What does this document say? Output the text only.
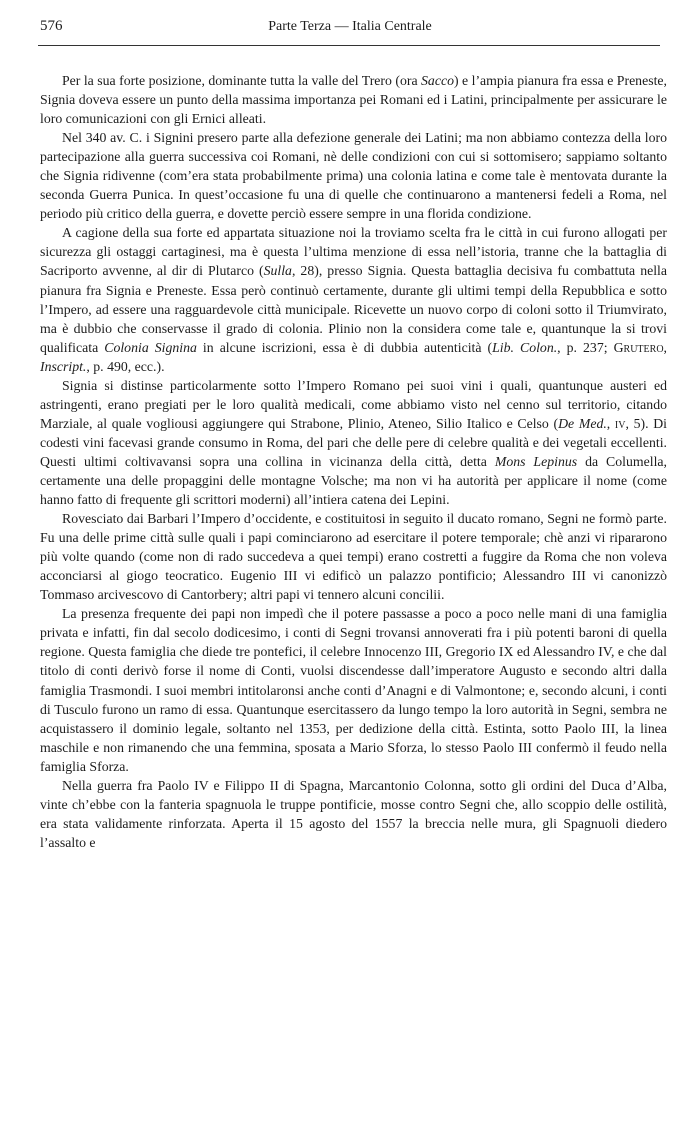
576	Parte Terza — Italia Centrale

Per la sua forte posizione, dominante tutta la valle del Trero (ora Sacco) e l’ampia pianura fra essa e Preneste, Signia doveva essere un punto della massima importanza pei Romani ed i Latini, principalmente per assicurare le loro comunicazioni con gli Ernici alleati.

Nel 340 av. C. i Signini presero parte alla defezione generale dei Latini; ma non abbiamo contezza della loro partecipazione alla guerra successiva coi Romani, nè delle condizioni con cui si sottomisero; sappiamo soltanto che Signia ridivenne (com’era stata probabilmente prima) una colonia latina e come tale è mentovata durante la seconda Guerra Punica. In quest’occasione fu una di quelle che continuarono a mantenersi fedeli a Roma, nel periodo più critico della guerra, e dovette perciò essere sempre in una florida condizione.

A cagione della sua forte ed appartata situazione noi la troviamo scelta fra le città in cui furono allogati per sicurezza gli ostaggi cartaginesi, ma è questa l’ultima menzione di essa nell’istoria, tranne che la battaglia di Sacriporto avvenne, al dir di Plutarco (Sulla, 28), presso Signia. Questa battaglia decisiva fu combattuta nella pianura fra Signia e Preneste. Essa però continuò certamente, durante gli ultimi tempi della Repubblica e sotto l’Impero, ad essere una ragguardevole città municipale. Ricevette un nuovo corpo di coloni sotto il Triumvirato, ma è dubbio che conservasse il grado di colonia. Plinio non la considera come tale e, quantunque la si trovi qualificata Colonia Signina in alcune iscrizioni, essa è di dubbia autenticità (Lib. Colon., p. 237; Grutero, Inscript., p. 490, ecc.).

Signia si distinse particolarmente sotto l’Impero Romano pei suoi vini i quali, quantunque austeri ed astringenti, erano pregiati per le loro qualità medicali, come abbiamo visto nel cenno sul territorio, citando Marziale, al quale vogliousi aggiungere qui Strabone, Plinio, Ateneo, Silio Italico e Celso (De Med., iv, 5). Di codesti vini facevasi grande consumo in Roma, del pari che delle pere di celebre qualità e dei vegetali eccellenti. Questi ultimi coltivavansi sopra una collina in vicinanza della città, detta Mons Lepinus da Columella, certamente una delle propaggini delle montagne Volsche; ma non vi ha autorità per applicare il nome (come hanno fatto di frequente gli scrittori moderni) all’intiera catena dei Lepini.

Rovesciato dai Barbari l’Impero d’occidente, e costituitosi in seguito il ducato romano, Segni ne formò parte. Fu una delle prime città sulle quali i papi cominciarono ad esercitare il potere temporale; chè anzi vi ripararono più volte quando (come non di rado succedeva a quei tempi) erano costretti a fuggire da Roma che non voleva acconciarsi al giogo teocratico. Eugenio III vi edificò un palazzo pontificio; Alessandro III vi canonizzò Tommaso arcivescovo di Cantorbery; altri papi vi tennero alcuni concilii.

La presenza frequente dei papi non impedì che il potere passasse a poco a poco nelle mani di una famiglia privata e infatti, fin dal secolo dodicesimo, i conti di Segni trovansi annoverati fra i più potenti baroni di quella regione. Questa famiglia che diede tre pontefici, il celebre Innocenzo III, Gregorio IX ed Alessandro IV, e che dal titolo di conti derivò forse il nome di Conti, vuolsi discendesse dall’imperatore Augusto e secondo altri dalla famiglia Trasmondi. I suoi membri intitolaronsi anche conti d’Anagni e di Valmontone; e, secondo alcuni, i conti di Tusculo furono un ramo di essa. Quantunque esercitassero da lungo tempo la loro autorità in Segni, sembra ne acquistassero il dominio legale, soltanto nel 1353, per dedizione della città. Estinta, sotto Paolo III, la linea maschile e non rimanendo che una femmina, sposata a Mario Sforza, lo stesso Paolo III confermò il feudo nella famiglia Sforza.

Nella guerra fra Paolo IV e Filippo II di Spagna, Marcantonio Colonna, sotto gli ordini del Duca d’Alba, vinte ch’ebbe con la fanteria spagnuola le truppe pontificie, mosse contro Segni che, allo scoppio delle ostilità, era stata validamente rinforzata. Aperta il 15 agosto del 1557 la breccia nelle mura, gli Spagnuoli diedero l’assalto e
